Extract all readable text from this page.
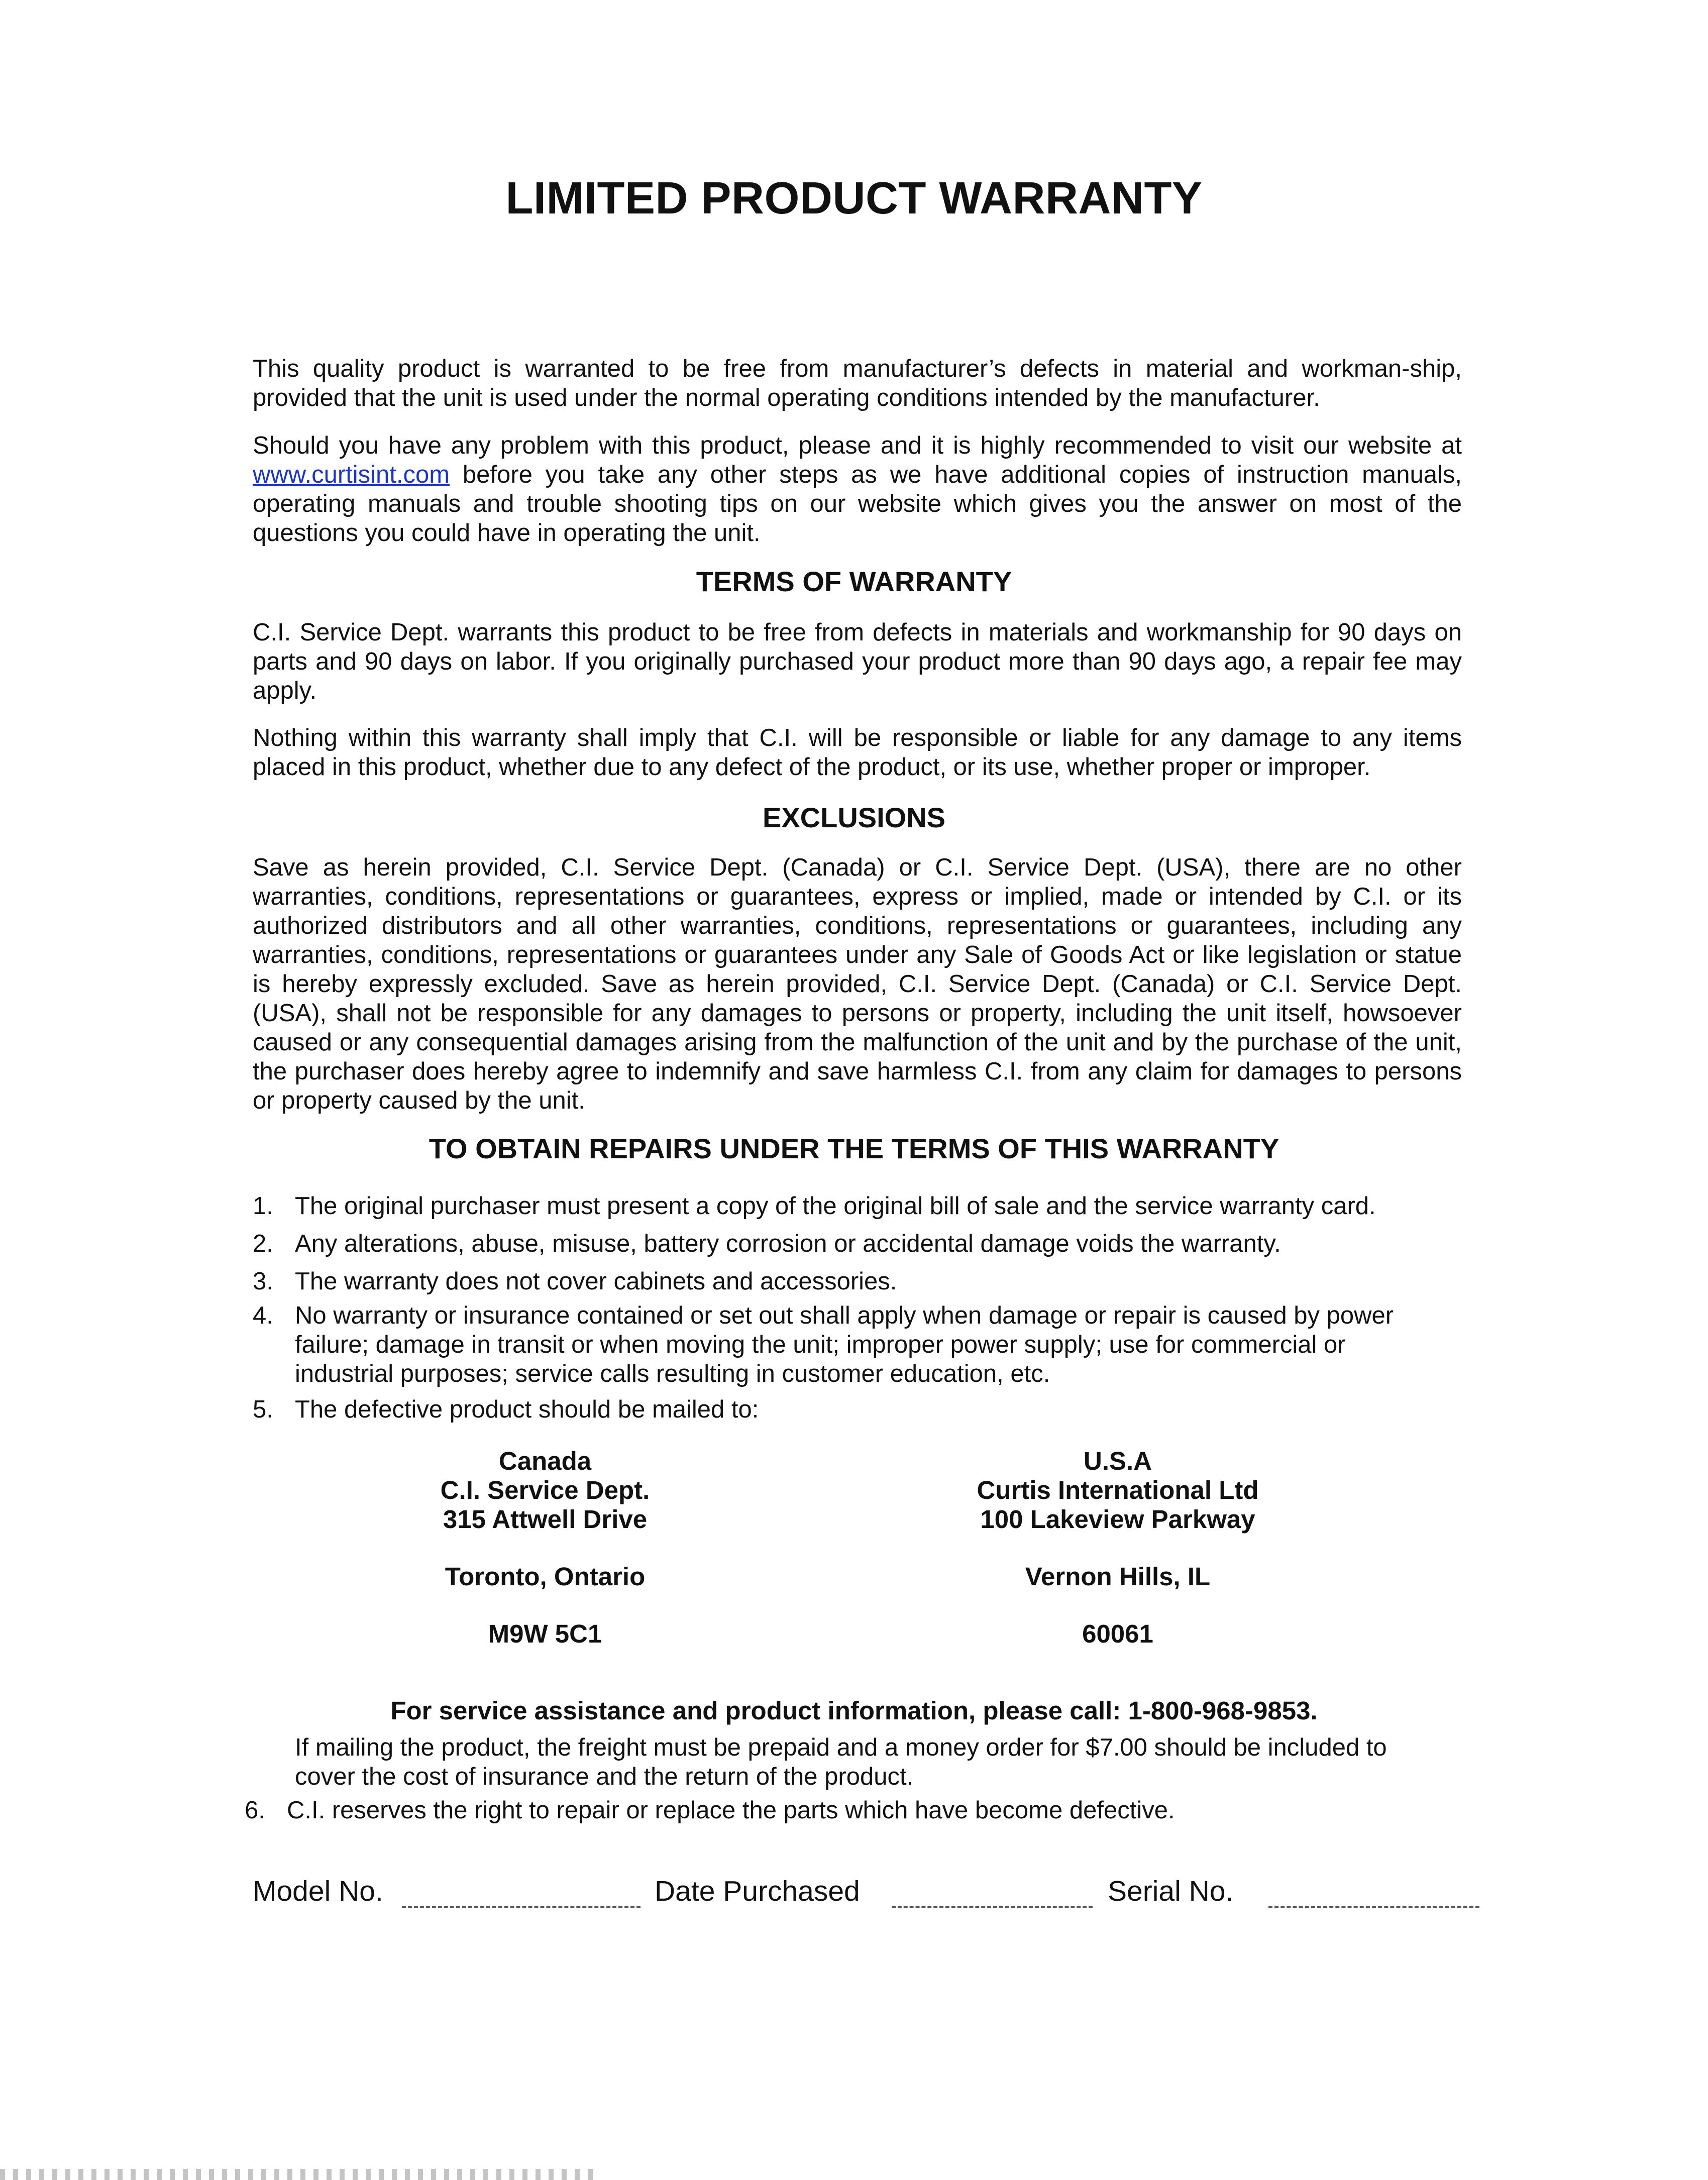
LIMITED PRODUCT WARRANTY

This quality product is warranted to be free from manufacturer’s defects in material and workman-ship, provided that the unit is used under the normal operating conditions intended by the manufacturer.

Should you have any problem with this product, please and it is highly recommended to visit our website at www.curtisint.com before you take any other steps as we have additional copies of instruction manuals, operating manuals and trouble shooting tips on our website which gives you the answer on most of the questions you could have in operating the unit.

TERMS OF WARRANTY

C.I. Service Dept. warrants this product to be free from defects in materials and workmanship for 90 days on parts and 90 days on labor. If you originally purchased your product more than 90 days ago, a repair fee may apply.

Nothing within this warranty shall imply that C.I. will be responsible or liable for any damage to any items placed in this product, whether due to any defect of the product, or its use, whether proper or improper.

EXCLUSIONS

Save as herein provided, C.I. Service Dept. (Canada) or C.I. Service Dept. (USA), there are no other warranties, conditions, representations or guarantees, express or implied, made or intended by C.I. or its authorized distributors and all other warranties, conditions, representations or guarantees, including any warranties, conditions, representations or guarantees under any Sale of Goods Act or like legislation or statue is hereby expressly excluded. Save as herein provided, C.I. Service Dept. (Canada) or C.I. Service Dept. (USA), shall not be responsible for any damages to persons or property, including the unit itself, howsoever caused or any consequential damages arising from the malfunction of the unit and by the purchase of the unit, the purchaser does hereby agree to indemnify and save harmless C.I. from any claim for damages to persons or property caused by the unit.

TO OBTAIN REPAIRS UNDER THE TERMS OF THIS WARRANTY
1. The original purchaser must present a copy of the original bill of sale and the service warranty card.
2. Any alterations, abuse, misuse, battery corrosion or accidental damage voids the warranty.
3. The warranty does not cover cabinets and accessories.
4. No warranty or insurance contained or set out shall apply when damage or repair is caused by power failure; damage in transit or when moving the unit; improper power supply; use for commercial or industrial purposes; service calls resulting in customer education, etc.
5. The defective product should be mailed to:
Canada
C.I. Service Dept.
315 Attwell Drive
Toronto, Ontario
M9W 5C1
U.S.A
Curtis International Ltd
100 Lakeview Parkway
Vernon Hills, IL
60061
For service assistance and product information, please call: 1-800-968-9853.
If mailing the product, the freight must be prepaid and a money order for $7.00 should be included to cover the cost of insurance and the return of the product.
6. C.I. reserves the right to repair or replace the parts which have become defective.
Model No.	Date Purchased	Serial No.
